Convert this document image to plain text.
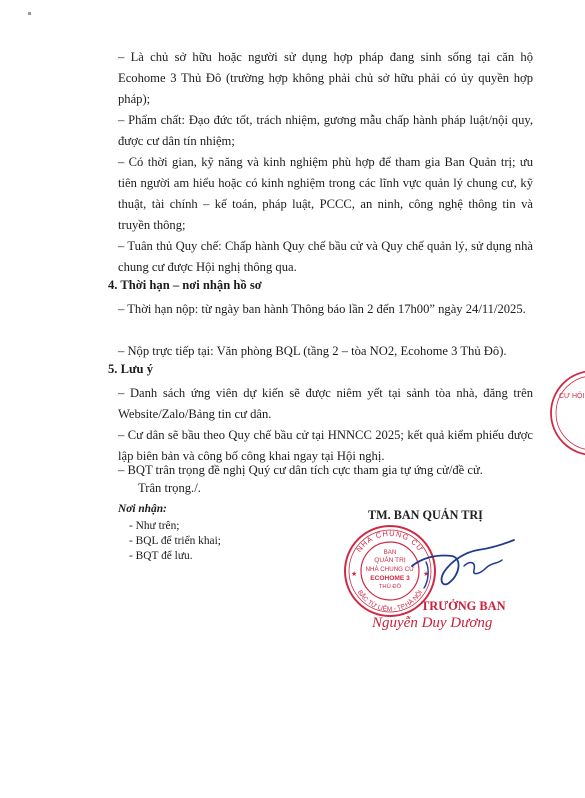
– Là chủ sở hữu hoặc người sử dụng hợp pháp đang sinh sống tại căn hộ Ecohome 3 Thủ Đô (trường hợp không phải chủ sở hữu phải có ủy quyền hợp pháp);

– Phẩm chất: Đạo đức tốt, trách nhiệm, gương mẫu chấp hành pháp luật/nội quy, được cư dân tín nhiệm;

– Có thời gian, kỹ năng và kinh nghiệm phù hợp để tham gia Ban Quản trị; ưu tiên người am hiểu hoặc có kinh nghiệm trong các lĩnh vực quản lý chung cư, kỹ thuật, tài chính – kế toán, pháp luật, PCCC, an ninh, công nghệ thông tin và truyền thông;

– Tuân thủ Quy chế: Chấp hành Quy chế bầu cử và Quy chế quản lý, sử dụng nhà chung cư được Hội nghị thông qua.

4. Thời hạn – nơi nhận hồ sơ

– Thời hạn nộp: từ ngày ban hành Thông báo lần 2 đến 17h00” ngày 24/11/2025.

– Nộp trực tiếp tại: Văn phòng BQL (tầng 2 – tòa NO2, Ecohome 3 Thủ Đô).

5. Lưu ý

– Danh sách ứng viên dự kiến sẽ được niêm yết tại sảnh tòa nhà, đăng trên Website/Zalo/Bảng tin cư dân.

– Cư dân sẽ bầu theo Quy chế bầu cử tại HNNCC 2025; kết quả kiểm phiếu được lập biên bản và công bố công khai ngay tại Hội nghị.

– BQT trân trọng đề nghị Quý cư dân tích cực tham gia tự ứng cử/đề cử.

Trân trọng./.
Nơi nhận:
- Như trên;
- BQL để triển khai;
- BQT để lưu.
TM. BAN QUẢN TRỊ
NHÀ CHUNG CƯ
BẮC TỪ LIÊM - TP.HÀ NỘI
BAN
QUẢN TRỊ
NHÀ CHUNG CƯ
ECOHOME 3
THỦ ĐÔ
★	★
TRƯỞNG BAN
Nguyễn Duy Dương
CƯ HỘI
